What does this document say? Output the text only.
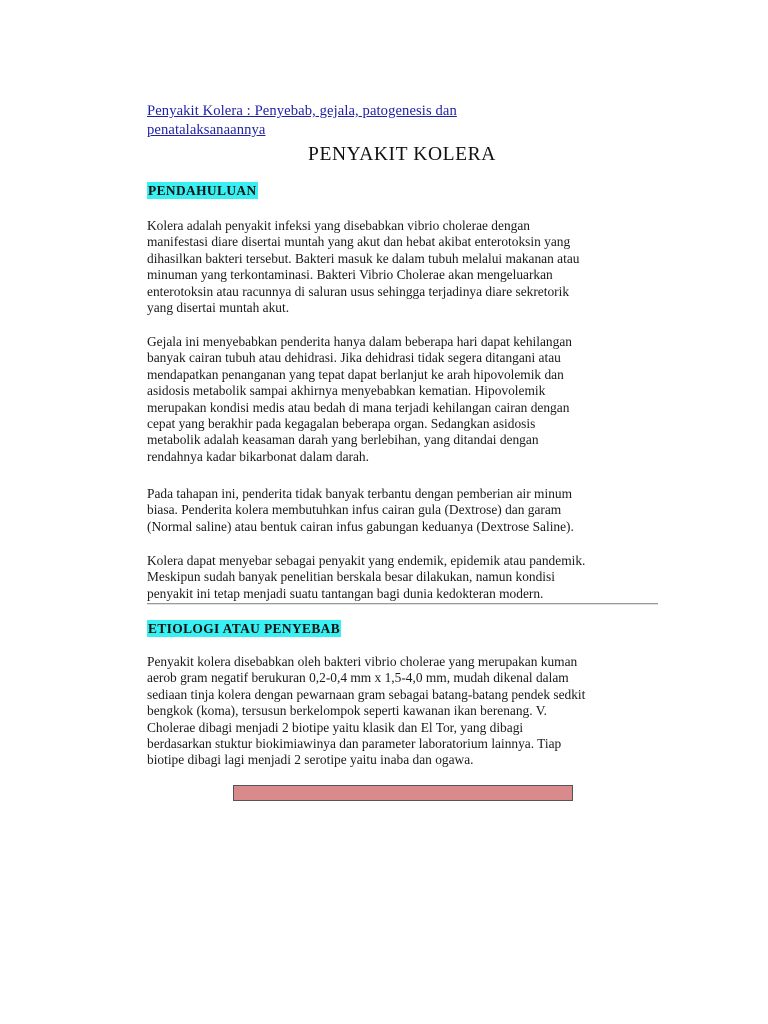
Penyakit Kolera : Penyebab, gejala, patogenesis dan penatalaksanaannya
PENYAKIT KOLERA
PENDAHULUAN

Kolera adalah penyakit infeksi yang disebabkan vibrio cholerae dengan
manifestasi diare disertai muntah yang akut dan hebat akibat enterotoksin yang
dihasilkan bakteri tersebut. Bakteri masuk ke dalam tubuh melalui makanan atau
minuman yang terkontaminasi. Bakteri Vibrio Cholerae akan mengeluarkan
enterotoksin atau racunnya di saluran usus sehingga terjadinya diare sekretorik
yang disertai muntah akut.

Gejala ini menyebabkan penderita hanya dalam beberapa hari dapat kehilangan
banyak cairan tubuh atau dehidrasi. Jika dehidrasi tidak segera ditangani atau
mendapatkan penanganan yang tepat dapat berlanjut ke arah hipovolemik dan
asidosis metabolik sampai akhirnya menyebabkan kematian. Hipovolemik
merupakan kondisi medis atau bedah di mana terjadi kehilangan cairan dengan
cepat yang berakhir pada kegagalan beberapa organ. Sedangkan asidosis
metabolik adalah keasaman darah yang berlebihan, yang ditandai dengan
rendahnya kadar bikarbonat dalam darah.

Pada tahapan ini, penderita tidak banyak terbantu dengan pemberian air minum
biasa. Penderita kolera membutuhkan infus cairan gula (Dextrose) dan garam
(Normal saline) atau bentuk cairan infus gabungan keduanya (Dextrose Saline).

Kolera dapat menyebar sebagai penyakit yang endemik, epidemik atau pandemik.
Meskipun sudah banyak penelitian berskala besar dilakukan, namun kondisi
penyakit ini tetap menjadi suatu tantangan bagi dunia kedokteran modern.

ETIOLOGI ATAU PENYEBAB

Penyakit kolera disebabkan oleh bakteri vibrio cholerae yang merupakan kuman
aerob gram negatif berukuran 0,2-0,4 mm x 1,5-4,0 mm, mudah dikenal dalam
sediaan tinja kolera dengan pewarnaan gram sebagai batang-batang pendek sedkit
bengkok (koma), tersusun berkelompok seperti kawanan ikan berenang. V.
Cholerae dibagi menjadi 2 biotipe yaitu klasik dan El Tor, yang dibagi
berdasarkan stuktur biokimiawinya dan parameter laboratorium lainnya. Tiap
biotipe dibagi lagi menjadi 2 serotipe yaitu inaba dan ogawa.
